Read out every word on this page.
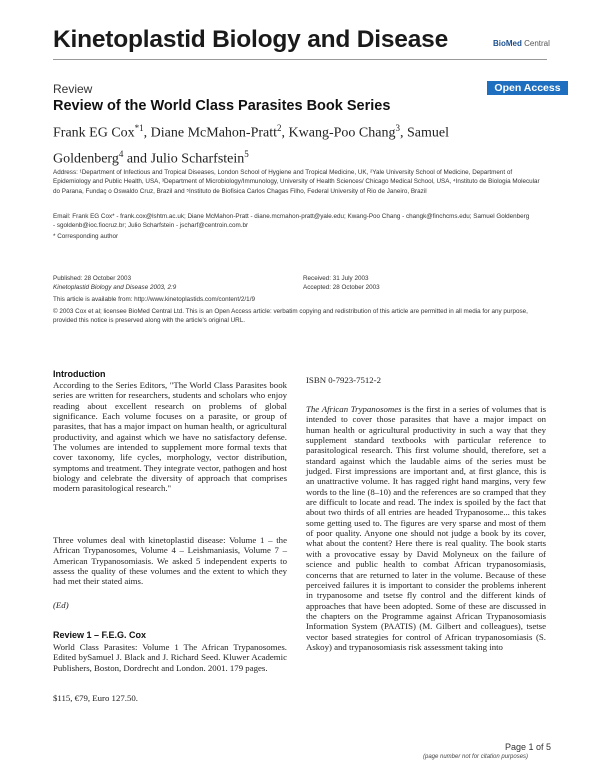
Kinetoplastid Biology and Disease	BioMed Central
Review	Open Access
Review of the World Class Parasites Book Series
Frank EG Cox$^{*1}$, Diane McMahon-Pratt$^2$, Kwang-Poo Chang$^3$, Samuel Goldenberg$^4$ and Julio Scharfstein$^5$
Address: ¹Department of Infectious and Tropical Diseases, London School of Hygiene and Tropical Medicine, UK, ²Yale University School of Medicine, Department of Epidemiology and Public Health, USA, ³Department of Microbiology/Immunology, University of Health Sciences/ Chicago Medical School, USA, ⁴Instituto de Biologia Molecular do Parana, Fundaç o Oswaldo Cruz, Brazil and ⁵Instituto de Biofisica Carlos Chagas Filho, Federal University of Rio de Janeiro, Brazil
Email: Frank EG Cox* - frank.cox@lshtm.ac.uk; Diane McMahon-Pratt - diane.mcmahon-pratt@yale.edu; Kwang-Poo Chang - changk@finchcms.edu; Samuel Goldenberg - sgoldenb@ioc.fiocruz.br; Julio Scharfstein - jscharf@centroin.com.br
* Corresponding author
Published: 28 October 2003
Kinetoplastid Biology and Disease 2003, 2:9
Received: 31 July 2003
Accepted: 28 October 2003
This article is available from: http://www.kinetoplastids.com/content/2/1/9
© 2003 Cox et al; licensee BioMed Central Ltd. This is an Open Access article: verbatim copying and redistribution of this article are permitted in all media for any purpose, provided this notice is preserved along with the article's original URL.
Introduction
According to the Series Editors, "The World Class Parasites book series are written for researchers, students and scholars who enjoy reading about excellent research on problems of global significance. Each volume focuses on a parasite, or group of parasites, that has a major impact on human health, or agricultural productivity, and against which we have no satisfactory defense. The volumes are intended to supplement more formal texts that cover taxonomy, life cycles, morphology, vector distribution, symptoms and treatment. They integrate vector, pathogen and host biology and celebrate the diversity of approach that comprises modern parasitological research."
Three volumes deal with kinetoplastid disease: Volume 1 – the African Trypanosomes, Volume 4 – Leishmaniasis, Volume 7 – American Trypanosomiasis. We asked 5 independent experts to assess the quality of these volumes and the extent to which they had met their stated aims.
(Ed)
Review 1 – F.E.G. Cox
World Class Parasites: Volume 1 The African Trypanosomes. Edited bySamuel J. Black and J. Richard Seed. Kluwer Academic Publishers, Boston, Dordrecht and London. 2001. 179 pages.
$115, €79, Euro 127.50.
ISBN 0-7923-7512-2
The African Trypanosomes is the first in a series of volumes that is intended to cover those parasites that have a major impact on human health or agricultural productivity in such a way that they supplement standard textbooks with particular reference to parasitological research. This first volume should, therefore, set a standard against which the laudable aims of the series must be judged. First impressions are important and, at first glance, this is an unattractive volume. It has ragged right hand margins, very few words to the line (8–10) and the references are so cramped that they are difficult to locate and read. The index is spoiled by the fact that about two thirds of all entries are headed Trypanosome... this takes some getting used to. The figures are very sparse and most of them of poor quality. Anyone one should not judge a book by its cover, what about the content? Here there is real quality. The book starts with a provocative essay by David Molyneux on the failure of science and public health to combat African trypanosomiasis, concerns that are returned to later in the volume. Because of these perceived failures it is important to consider the problems inherent in trypanosome and tsetse fly control and the different kinds of approaches that have been adopted. Some of these are discussed in the chapters on the Programme against African Trypanosomiasis Information System (PAATIS) (M. Gilbert and colleagues), tsetse vector based strategies for control of African trypanosomiasis (S. Askoy) and trypanosomiasis risk assessment taking into
Page 1 of 5
(page number not for citation purposes)
